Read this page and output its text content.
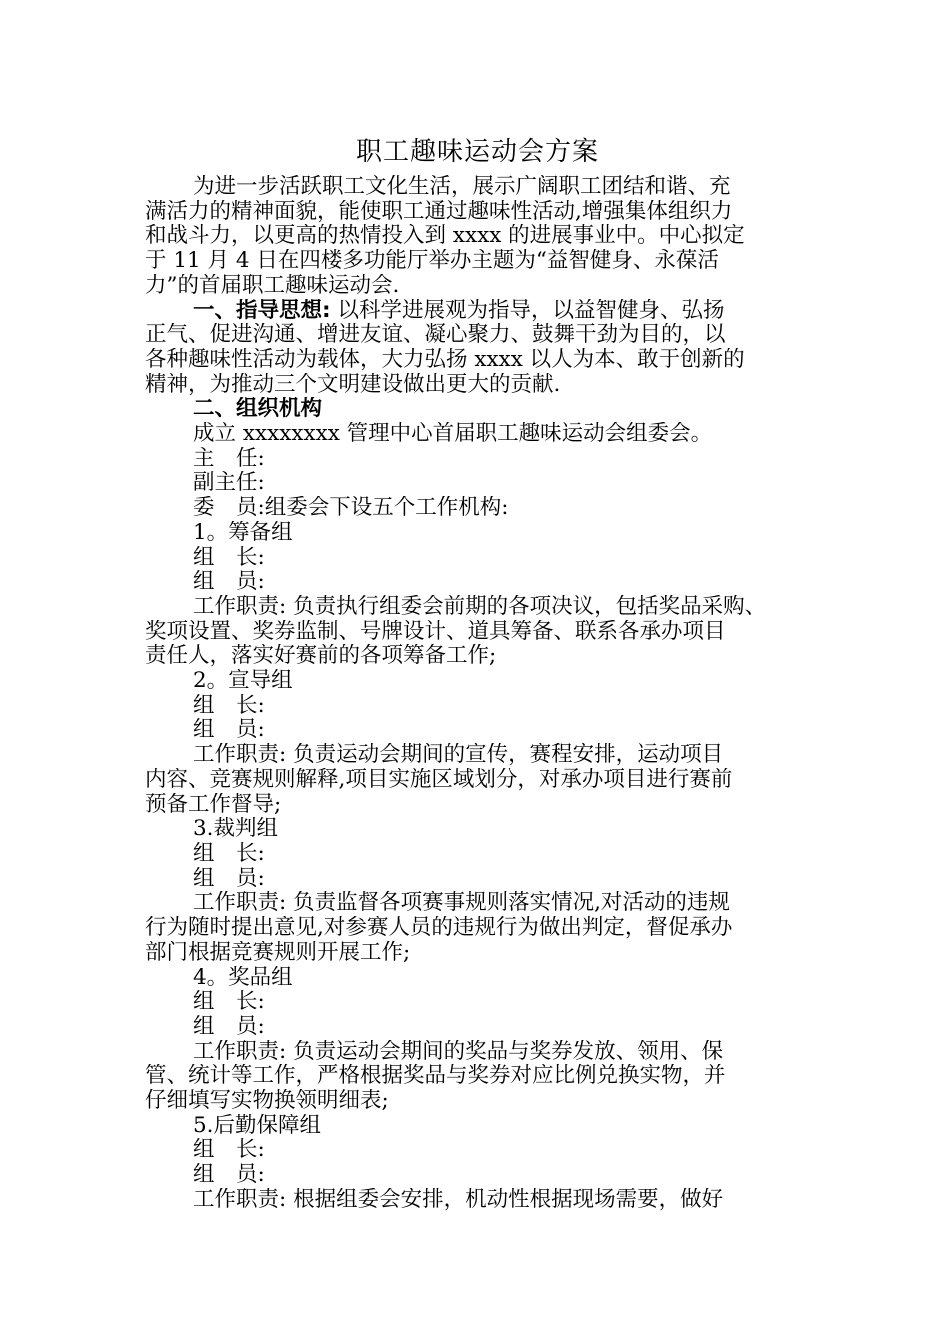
职工趣味运动会方案
为进一步活跃职工文化生活，展示广阔职工团结和谐、充
满活力的精神面貌，能使职工通过趣味性活动,增强集体组织力
和战斗力，以更高的热情投入到 xxxx 的进展事业中。中心拟定
于 11 月 4 日在四楼多功能厅举办主题为“益智健身、永葆活
力”的首届职工趣味运动会.
一、指导思想: 以科学进展观为指导，以益智健身、弘扬
正气、促进沟通、增进友谊、凝心聚力、鼓舞干劲为目的，以
各种趣味性活动为载体，大力弘扬 xxxx 以人为本、敢于创新的
精神，为推动三个文明建设做出更大的贡献.
二、组织机构
成立 xxxxxxxx 管理中心首届职工趣味运动会组委会。
主　任:
副主任:
委　员:组委会下设五个工作机构:
1。筹备组
组　长:
组　员:
工作职责: 负责执行组委会前期的各项决议，包括奖品采购、
奖项设置、奖券监制、号牌设计、道具筹备、联系各承办项目
责任人，落实好赛前的各项筹备工作;
2。宣导组
组　长:
组　员:
工作职责: 负责运动会期间的宣传，赛程安排，运动项目
内容、竞赛规则解释,项目实施区域划分，对承办项目进行赛前
预备工作督导;
3.裁判组
组　长:
组　员:
工作职责: 负责监督各项赛事规则落实情况,对活动的违规
行为随时提出意见,对参赛人员的违规行为做出判定，督促承办
部门根据竞赛规则开展工作;
4。奖品组
组　长:
组　员:
工作职责: 负责运动会期间的奖品与奖券发放、领用、保
管、统计等工作，严格根据奖品与奖券对应比例兑换实物，并
仔细填写实物换领明细表;
5.后勤保障组
组　长:
组　员:
工作职责: 根据组委会安排，机动性根据现场需要，做好
